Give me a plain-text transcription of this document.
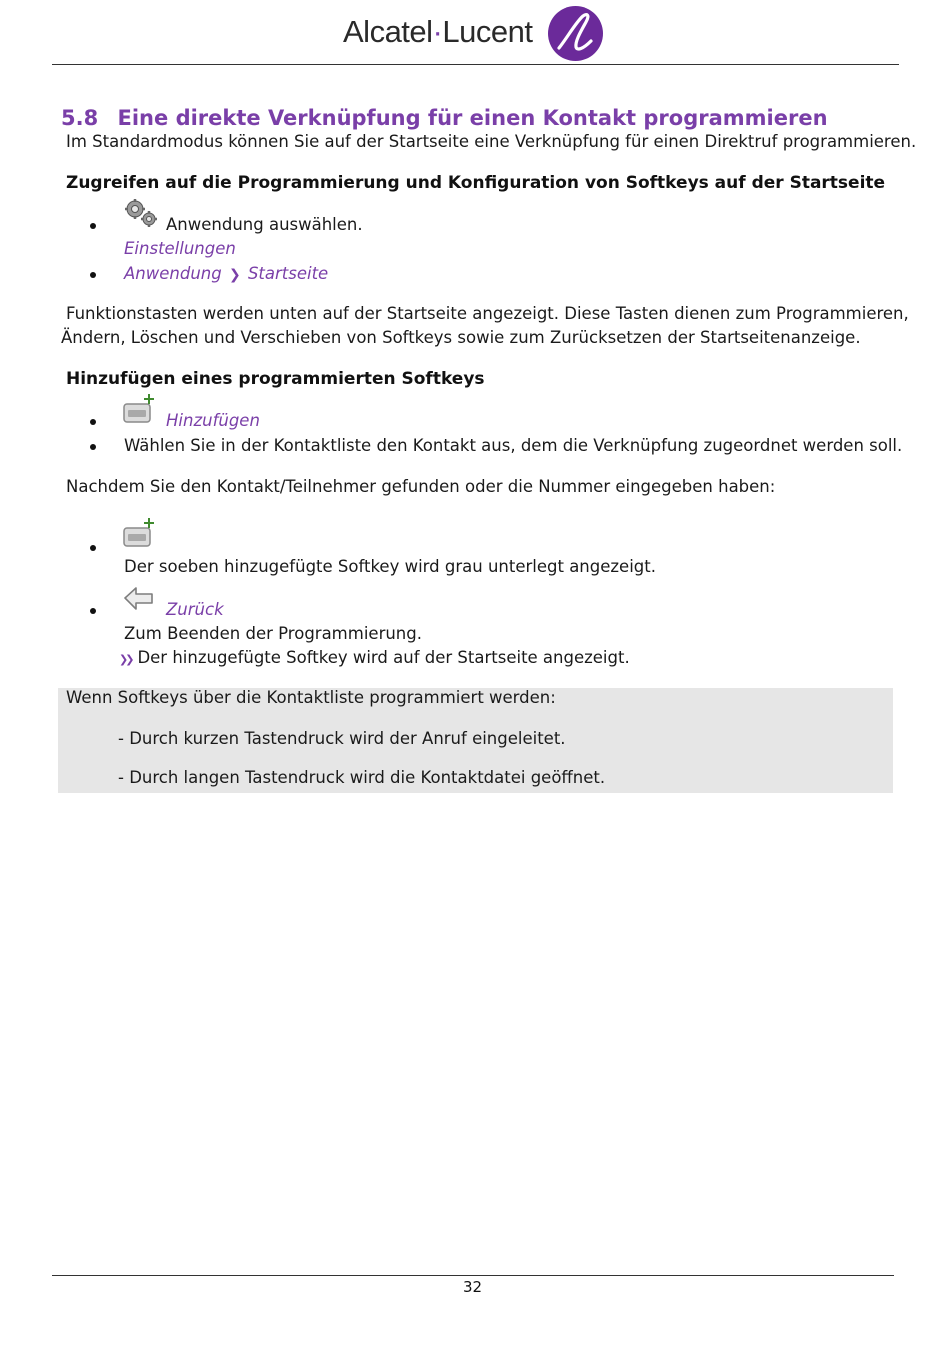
Alcatel·Lucent
5.8 Eine direkte Verknüpfung für einen Kontakt programmieren
Im Standardmodus können Sie auf der Startseite eine Verknüpfung für einen Direktruf programmieren.
Zugreifen auf die Programmierung und Konfiguration von Softkeys auf der Startseite
Anwendung auswählen.
Einstellungen
Anwendung ❯ Startseite
Funktionstasten werden unten auf der Startseite angezeigt. Diese Tasten dienen zum Programmieren,
Ändern, Löschen und Verschieben von Softkeys sowie zum Zurücksetzen der Startseitenanzeige.
Hinzufügen eines programmierten Softkeys
Hinzufügen
Wählen Sie in der Kontaktliste den Kontakt aus, dem die Verknüpfung zugeordnet werden soll.
Nachdem Sie den Kontakt/Teilnehmer gefunden oder die Nummer eingegeben haben:
Der soeben hinzugefügte Softkey wird grau unterlegt angezeigt.
Zurück
Zum Beenden der Programmierung.
❯❯ Der hinzugefügte Softkey wird auf der Startseite angezeigt.
Wenn Softkeys über die Kontaktliste programmiert werden:
- Durch kurzen Tastendruck wird der Anruf eingeleitet.
- Durch langen Tastendruck wird die Kontaktdatei geöffnet.
32
